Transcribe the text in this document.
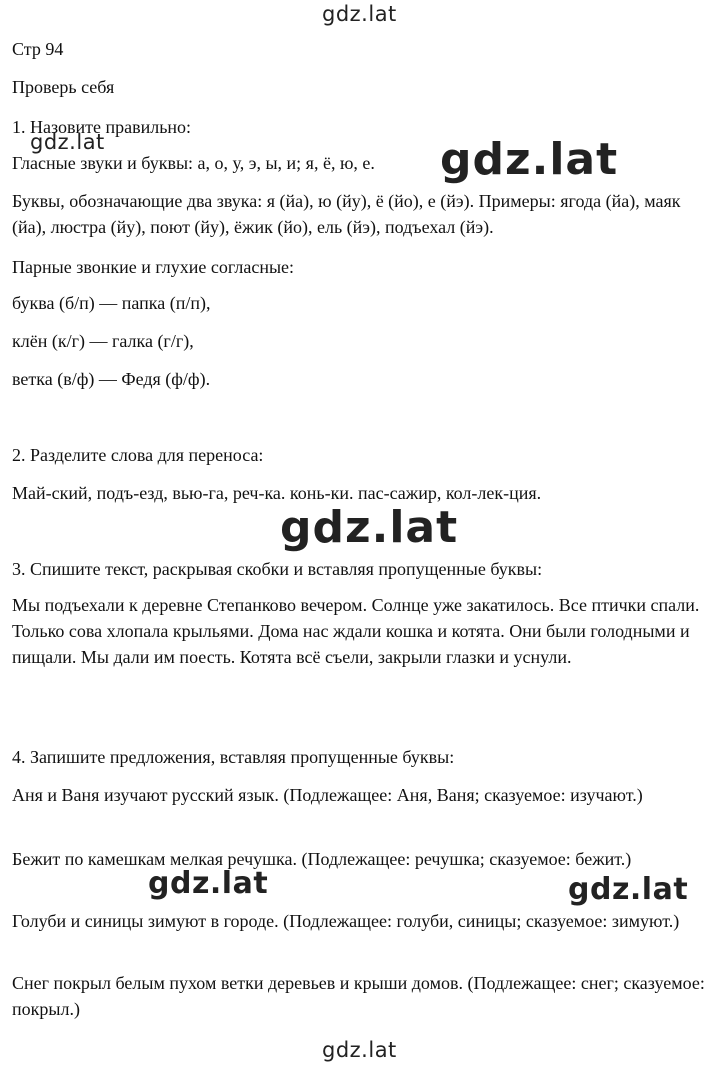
gdz.lat
Стр 94
Проверь себя
1. Назовите правильно:
Гласные звуки и буквы: а, о, у, э, ы, и; я, ё, ю, е.
Буквы, обозначающие два звука: я (йа), ю (йу), ё (йо), е (йэ). Примеры: ягода (йа), маяк (йа), люстра (йу), поют (йу), ёжик (йо), ель (йэ), подъехал (йэ).
Парные звонкие и глухие согласные:
буква (б/п) — папка (п/п),
клён (к/г) — галка (г/г),
ветка (в/ф) — Федя (ф/ф).
2. Разделите слова для переноса:
Май-ский, подъ-езд, вью-га, реч-ка. конь-ки. пас-сажир, кол-лек-ция.
3. Спишите текст, раскрывая скобки и вставляя пропущенные буквы:
Мы подъехали к деревне Степанково вечером. Солнце уже закатилось. Все птички спали. Только сова хлопала крыльями. Дома нас ждали кошка и котята. Они были голодными и пищали. Мы дали им поесть. Котята всё съели, закрыли глазки и уснули.
4. Запишите предложения, вставляя пропущенные буквы:
Аня и Ваня изучают русский язык. (Подлежащее: Аня, Ваня; сказуемое: изучают.)
Бежит по камешкам мелкая речушка. (Подлежащее: речушка; сказуемое: бежит.)
Голуби и синицы зимуют в городе. (Подлежащее: голуби, синицы; сказуемое: зимуют.)
Снег покрыл белым пухом ветки деревьев и крыши домов. (Подлежащее: снег; сказуемое: покрыл.)
gdz.lat	gdz.lat
gdz.lat
gdz.lat	gdz.lat
gdz.lat
